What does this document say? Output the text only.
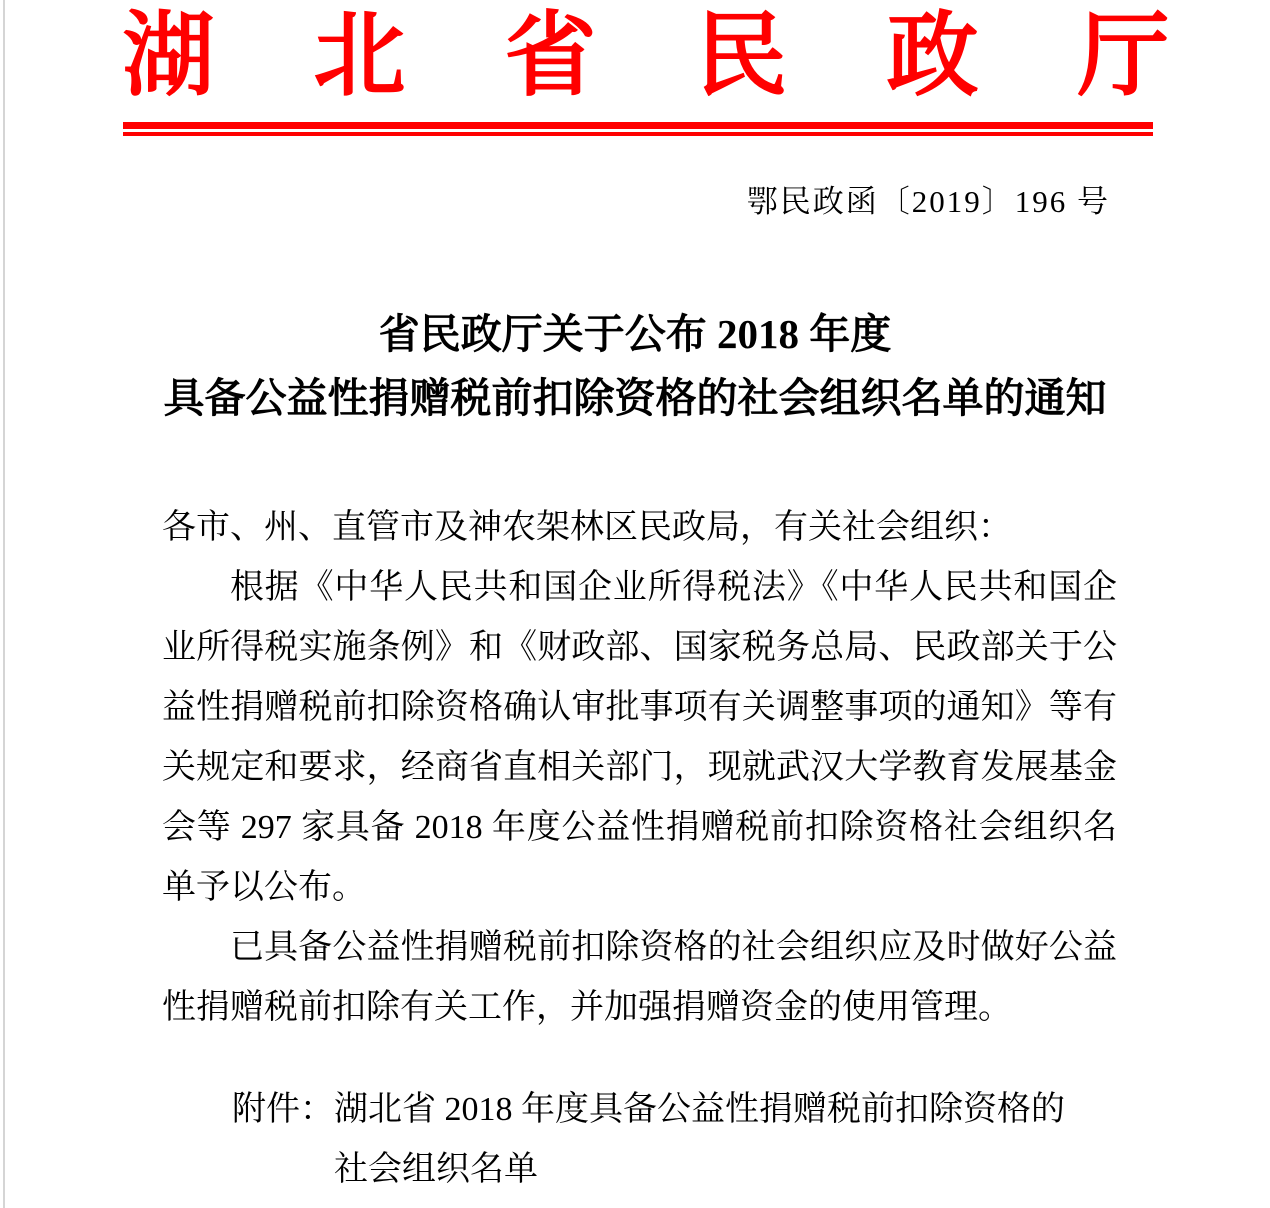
湖 北 省 民 政 厅
鄂民政函〔2019〕196 号
省民政厅关于公布 2018 年度
具备公益性捐赠税前扣除资格的社会组织名单的通知

各市、州、直管市及神农架林区民政局，有关社会组织：

根据《中华人民共和国企业所得税法》《中华人民共和国企业所得税实施条例》和《财政部、国家税务总局、民政部关于公益性捐赠税前扣除资格确认审批事项有关调整事项的通知》等有关规定和要求，经商省直相关部门，现就武汉大学教育发展基金会等 297 家具备 2018 年度公益性捐赠税前扣除资格社会组织名单予以公布。

已具备公益性捐赠税前扣除资格的社会组织应及时做好公益性捐赠税前扣除有关工作，并加强捐赠资金的使用管理。

附件： 湖北省 2018 年度具备公益性捐赠税前扣除资格的
社会组织名单
